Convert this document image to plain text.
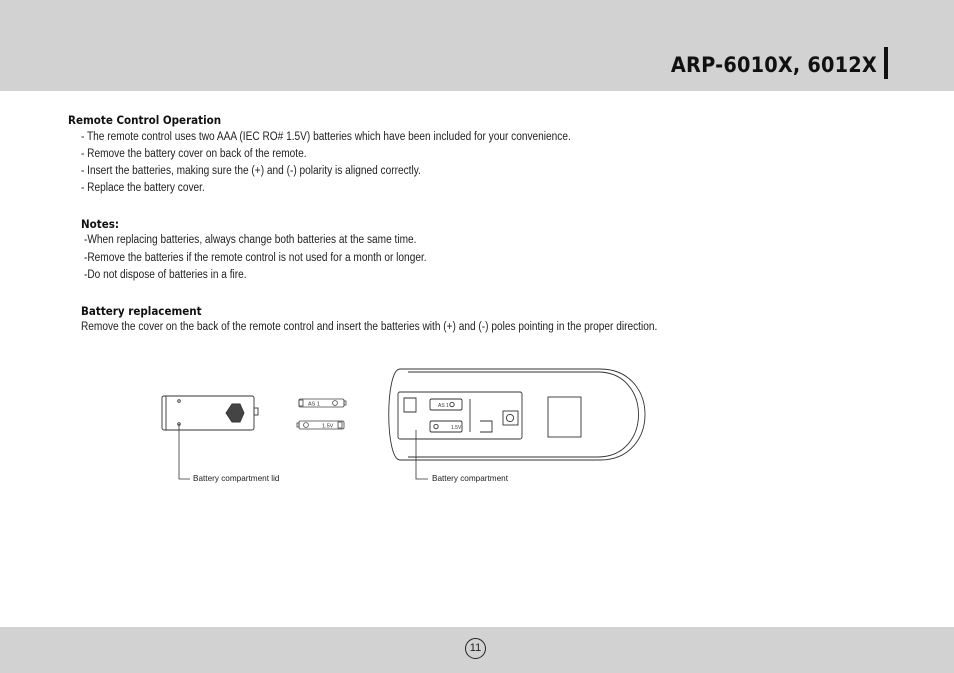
ARP-6010X, 6012X
Remote Control Operation
- The remote control uses two AAA (IEC RO# 1.5V) batteries which have been included for your convenience.
- Remove the battery cover on back of the remote.
- Insert the batteries, making sure the (+) and (-) polarity is aligned correctly.
- Replace the battery cover.
Notes:
-When replacing batteries, always change both batteries at the same time.
-Remove the batteries if the remote control is not used for a month or longer.
-Do not dispose of batteries in a fire.
Battery replacement
Remove the cover on the back of the remote control and insert the batteries with (+) and (-) poles pointing in the proper direction.
Battery compartment lid
AS 1
1.5V
AS 1
1.5V
Battery compartment
11
